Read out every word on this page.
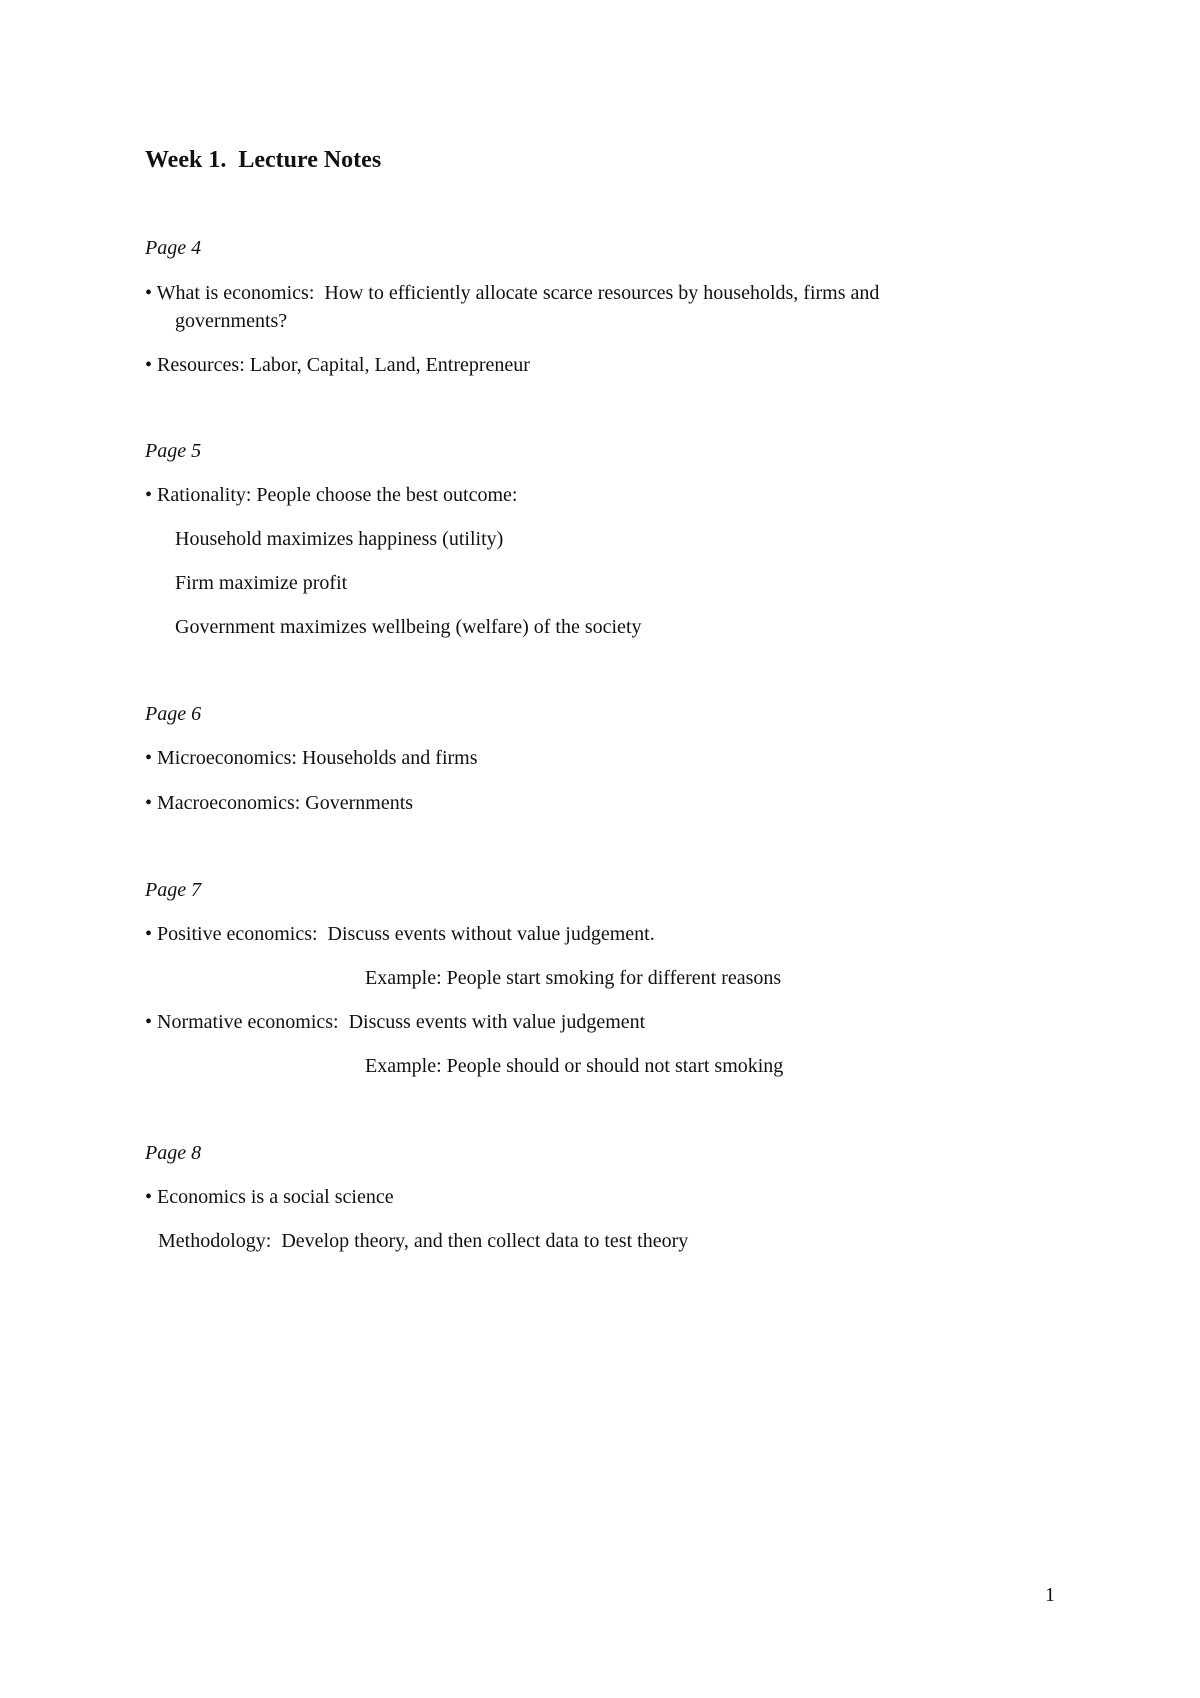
Week 1.  Lecture Notes

Page 4

• What is economics:  How to efficiently allocate scarce resources by households, firms and

governments?

• Resources: Labor, Capital, Land, Entrepreneur

Page 5

• Rationality: People choose the best outcome:

Household maximizes happiness (utility)

Firm maximize profit

Government maximizes wellbeing (welfare) of the society

Page 6

• Microeconomics: Households and firms

• Macroeconomics: Governments

Page 7

• Positive economics:  Discuss events without value judgement.

Example: People start smoking for different reasons

• Normative economics:  Discuss events with value judgement

Example: People should or should not start smoking

Page 8

• Economics is a social science

Methodology:  Develop theory, and then collect data to test theory

1
